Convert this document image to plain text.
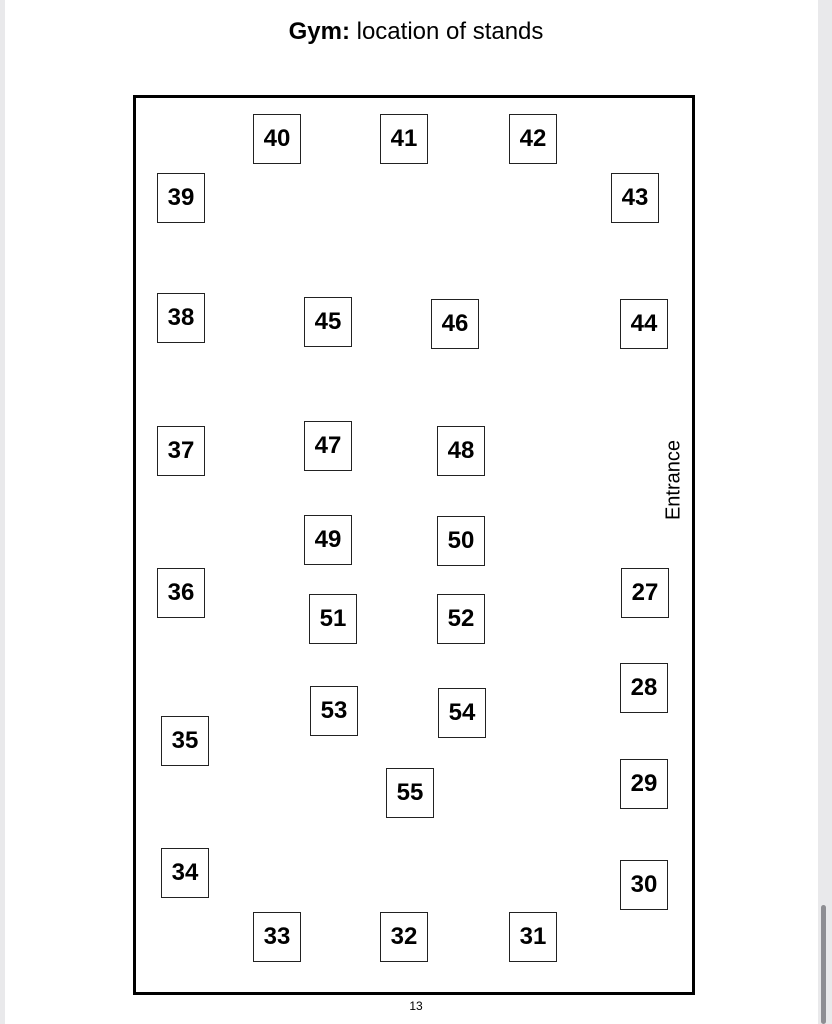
Gym: location of stands
40	41	42
39	43
38	45	46	44
37	47	48
49	50
36	27
51	52
28
53	54
35
55	29
34	30
33	32	31
Entrance
13
